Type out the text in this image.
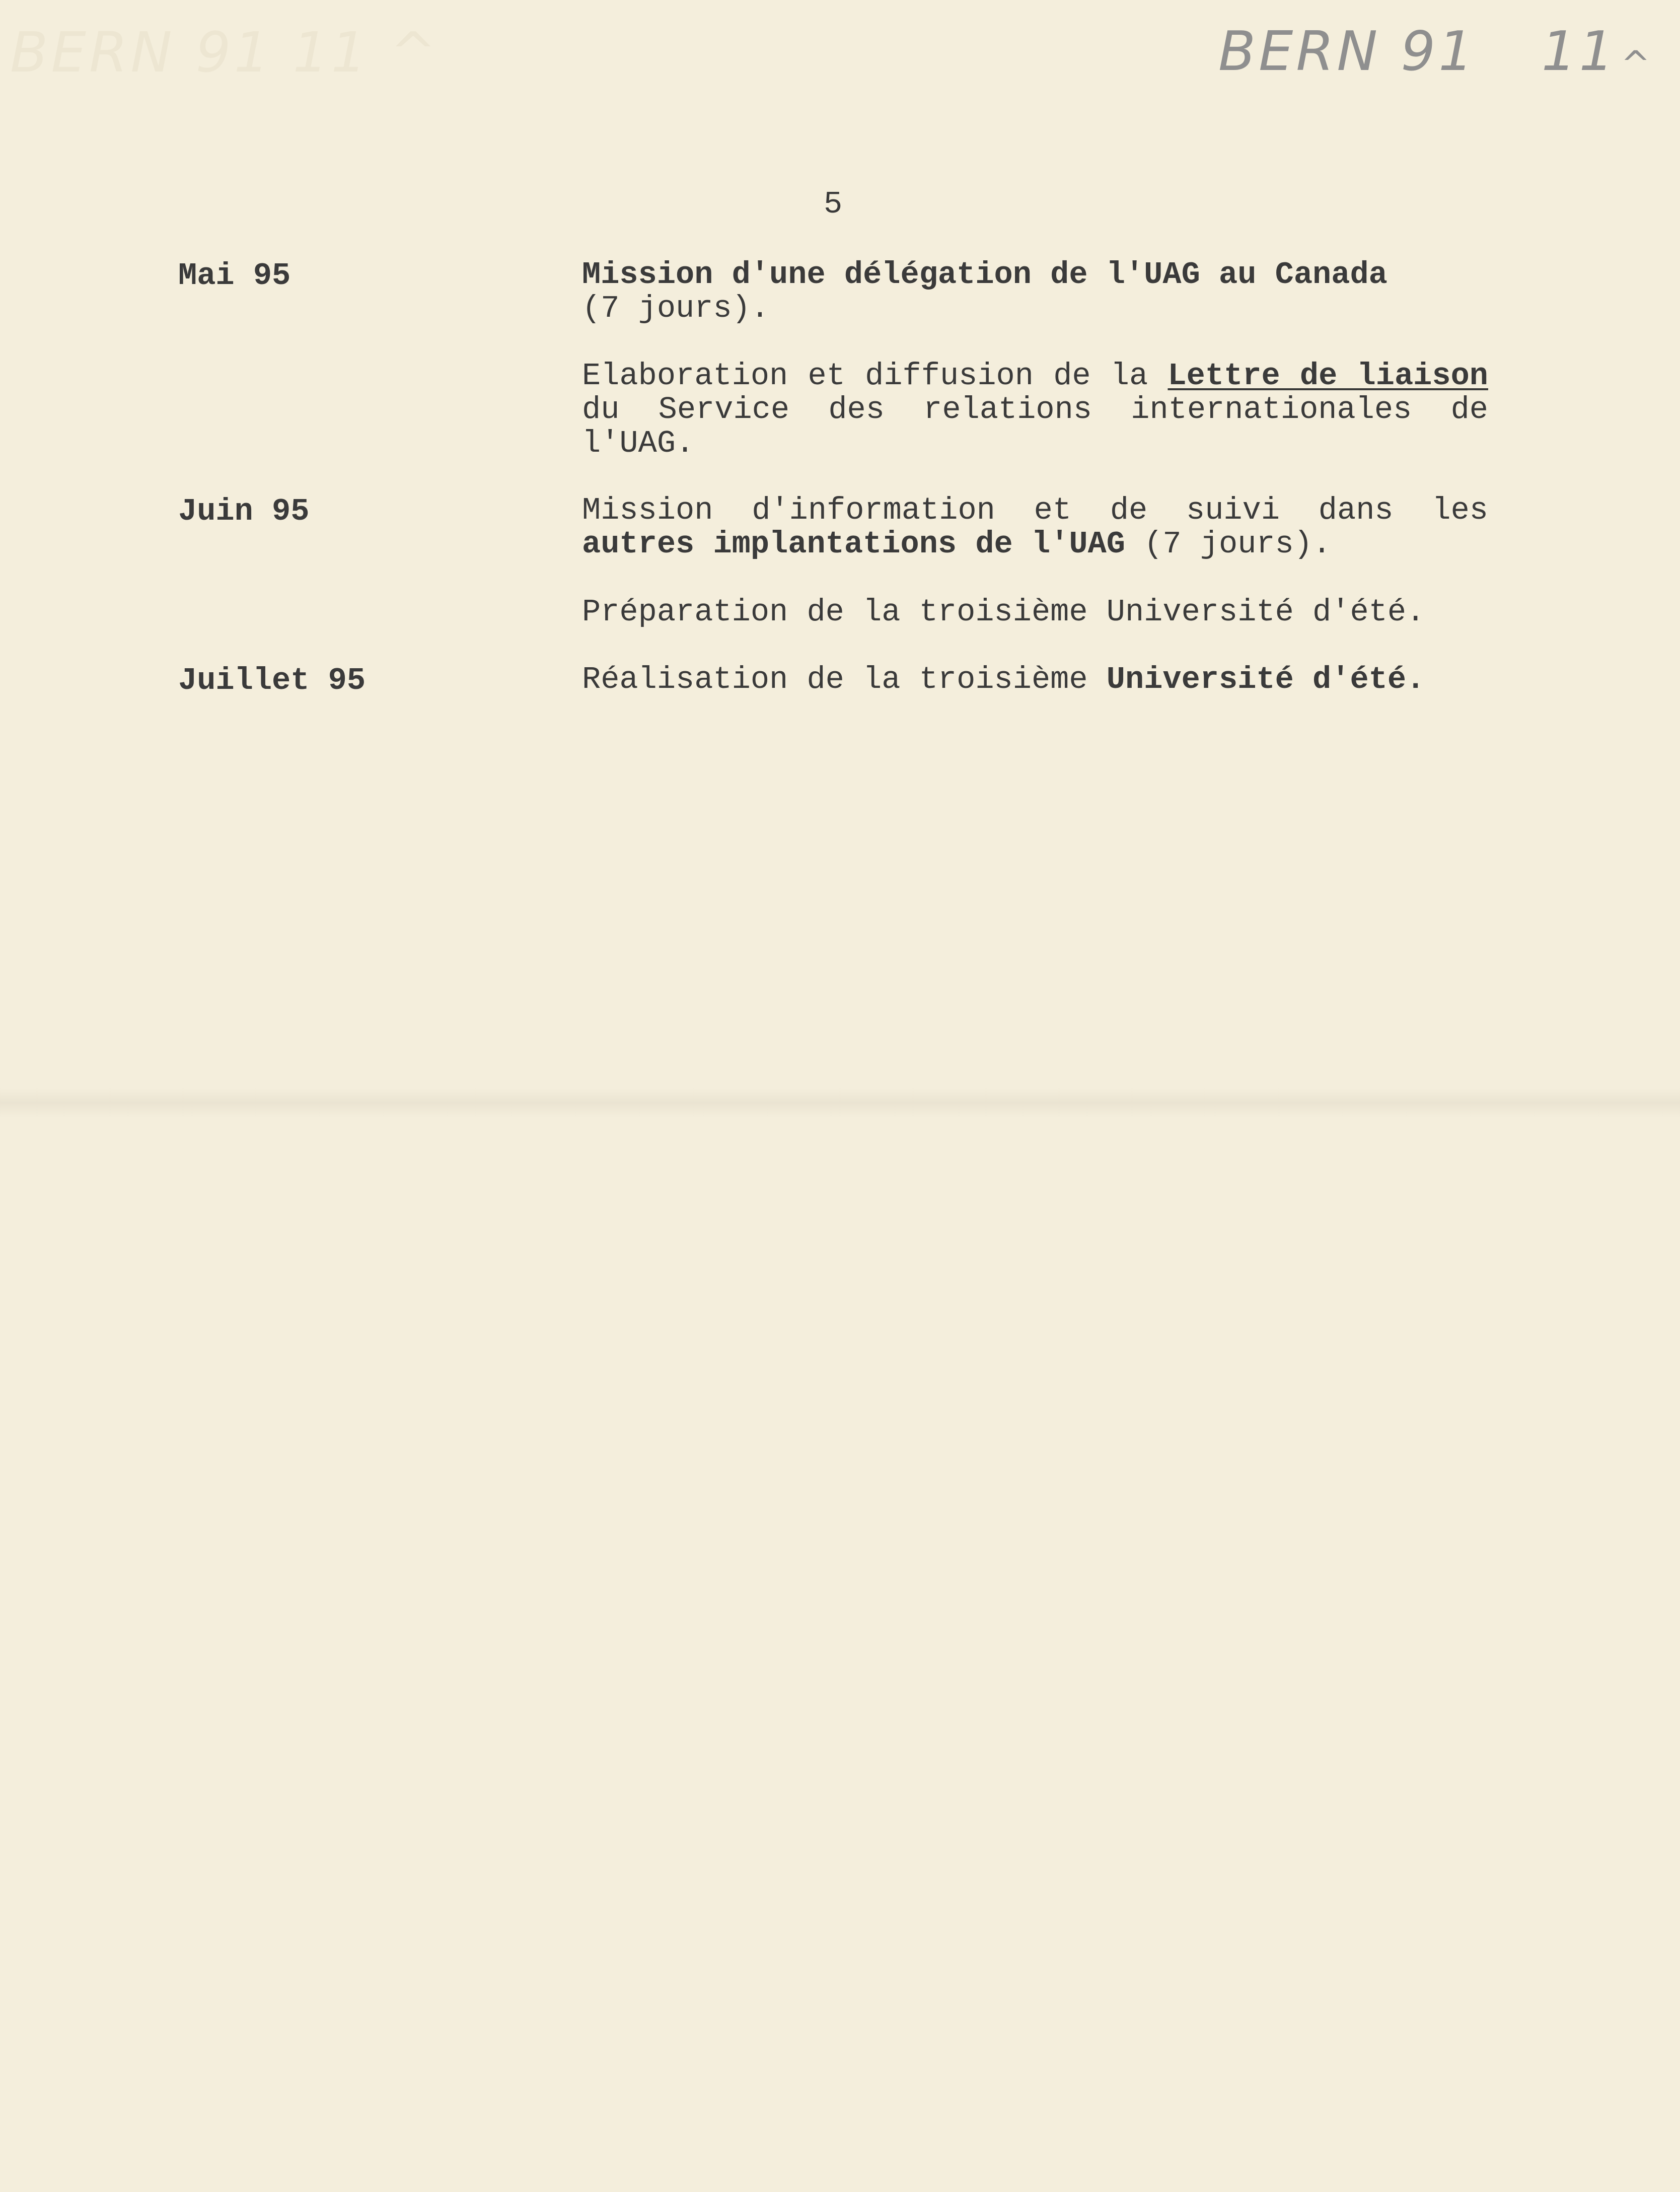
BERN 91 11 ^	BERN 91 11 ^
5
Mai 95	Mission d'une délégation de l'UAG au Canada
(7 jours).
Elaboration et diffusion de la Lettre de liaison du Service des relations internationales de l'UAG.
Juin 95	Mission d'information et de suivi dans les autres implantations de l'UAG (7 jours).
Préparation de la troisième Université d'été.
Juillet 95	Réalisation de la troisième Université d'été.
